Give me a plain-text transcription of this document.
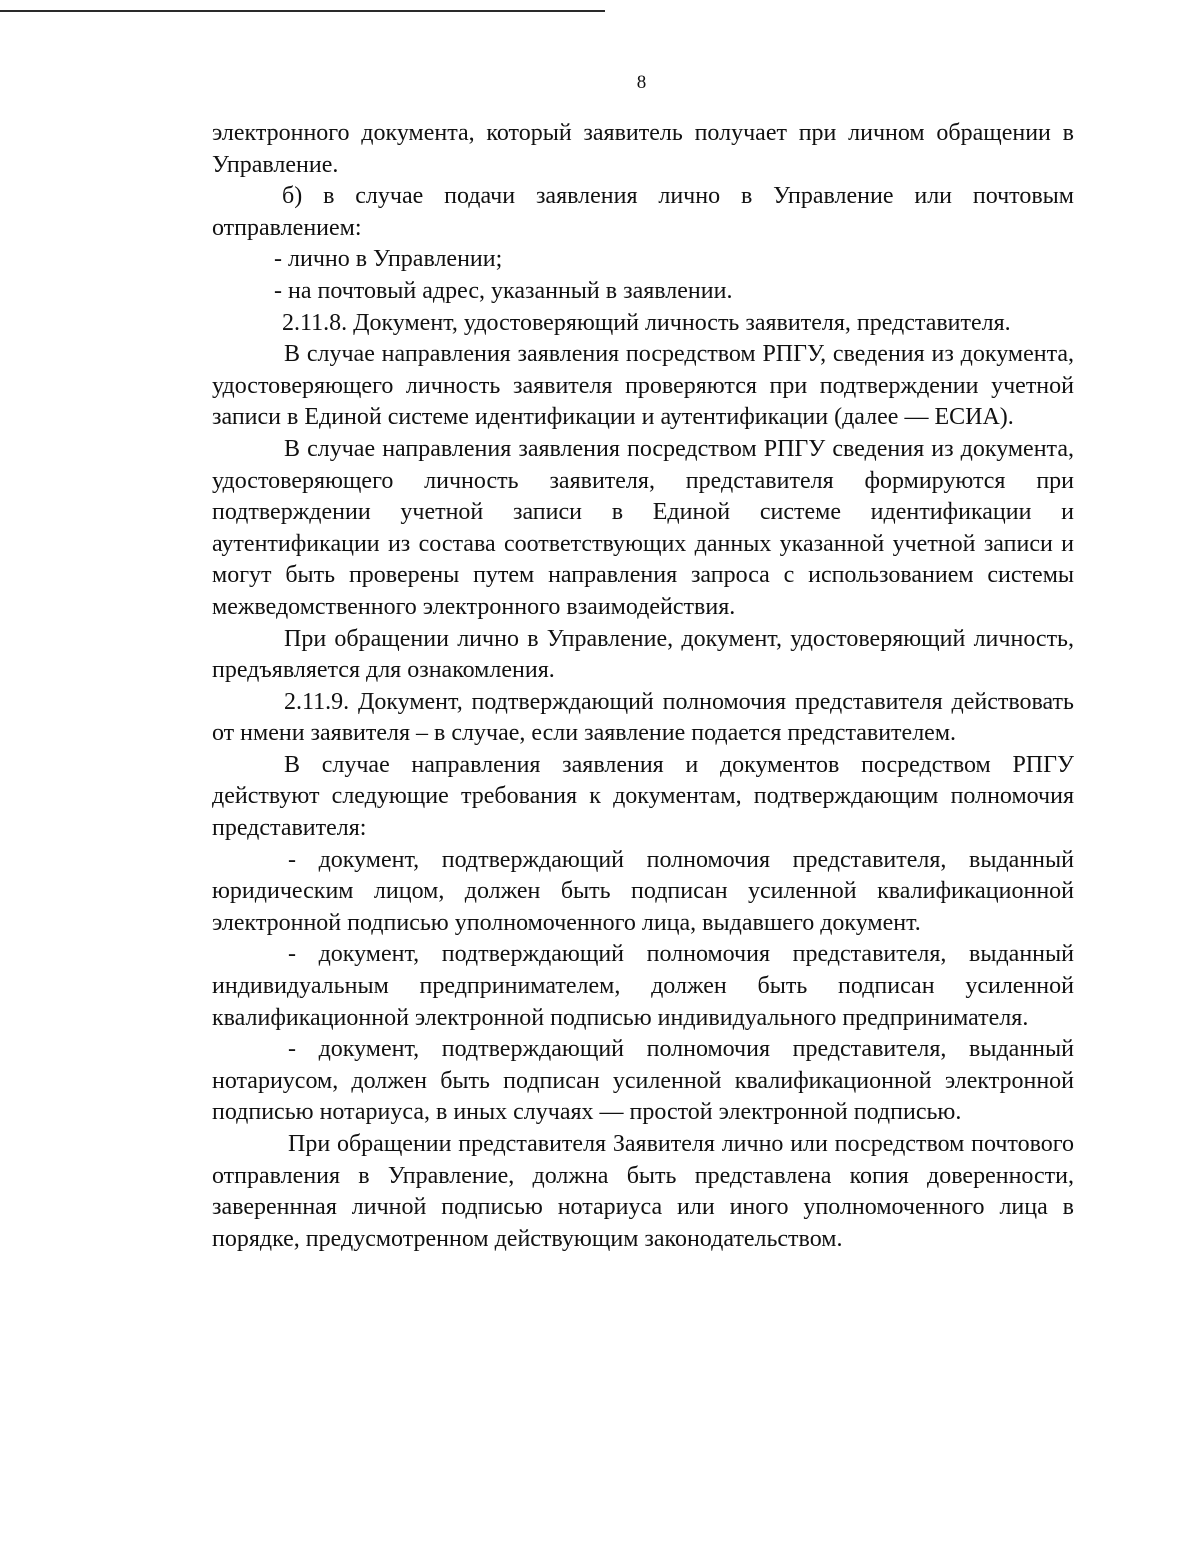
8

электронного документа, который заявитель получает при личном обращении в Управление.

б) в случае подачи заявления лично в Управление или почтовым отправлением:

- лично в Управлении;

- на почтовый адрес, указанный в заявлении.

2.11.8. Документ, удостоверяющий личность заявителя, представителя.

В случае направления заявления посредством РПГУ, сведения из документа, удостоверяющего личность заявителя проверяются при подтверждении учетной записи в Единой системе идентификации и аутентификации (далее — ЕСИА).

В случае направления заявления посредством РПГУ сведения из документа, удостоверяющего личность заявителя, представителя формируются при подтверждении учетной записи в Единой системе идентификации и аутентификации из состава соответствующих данных указанной учетной записи и могут быть проверены путем направления запроса с использованием системы межведомственного электронного взаимодействия.

При обращении лично в Управление, документ, удостоверяющий личность, предъявляется для ознакомления.

2.11.9. Документ, подтверждающий полномочия представителя действовать от нмени заявителя – в случае, если заявление подается представителем.

В случае направления заявления и документов посредством РПГУ действуют следующие требования к документам, подтверждающим полномочия представителя:

- документ, подтверждающий полномочия представителя, выданный юридическим лицом, должен быть подписан усиленной квалификационной электронной подписью уполномоченного лица, выдавшего документ.

- документ, подтверждающий полномочия представителя, выданный индивидуальным предпринимателем, должен быть подписан усиленной квалификационной электронной подписью индивидуального предпринимателя.

- документ, подтверждающий полномочия представителя, выданный нотариусом, должен быть подписан усиленной квалификационной электронной подписью нотариуса, в иных случаях — простой электронной подписью.

При обращении представителя Заявителя лично или посредством почтового отправления в Управление, должна быть представлена копия доверенности, завереннная личной подписью нотариуса или иного уполномоченного лица в порядке, предусмотренном действующим законодательством.
